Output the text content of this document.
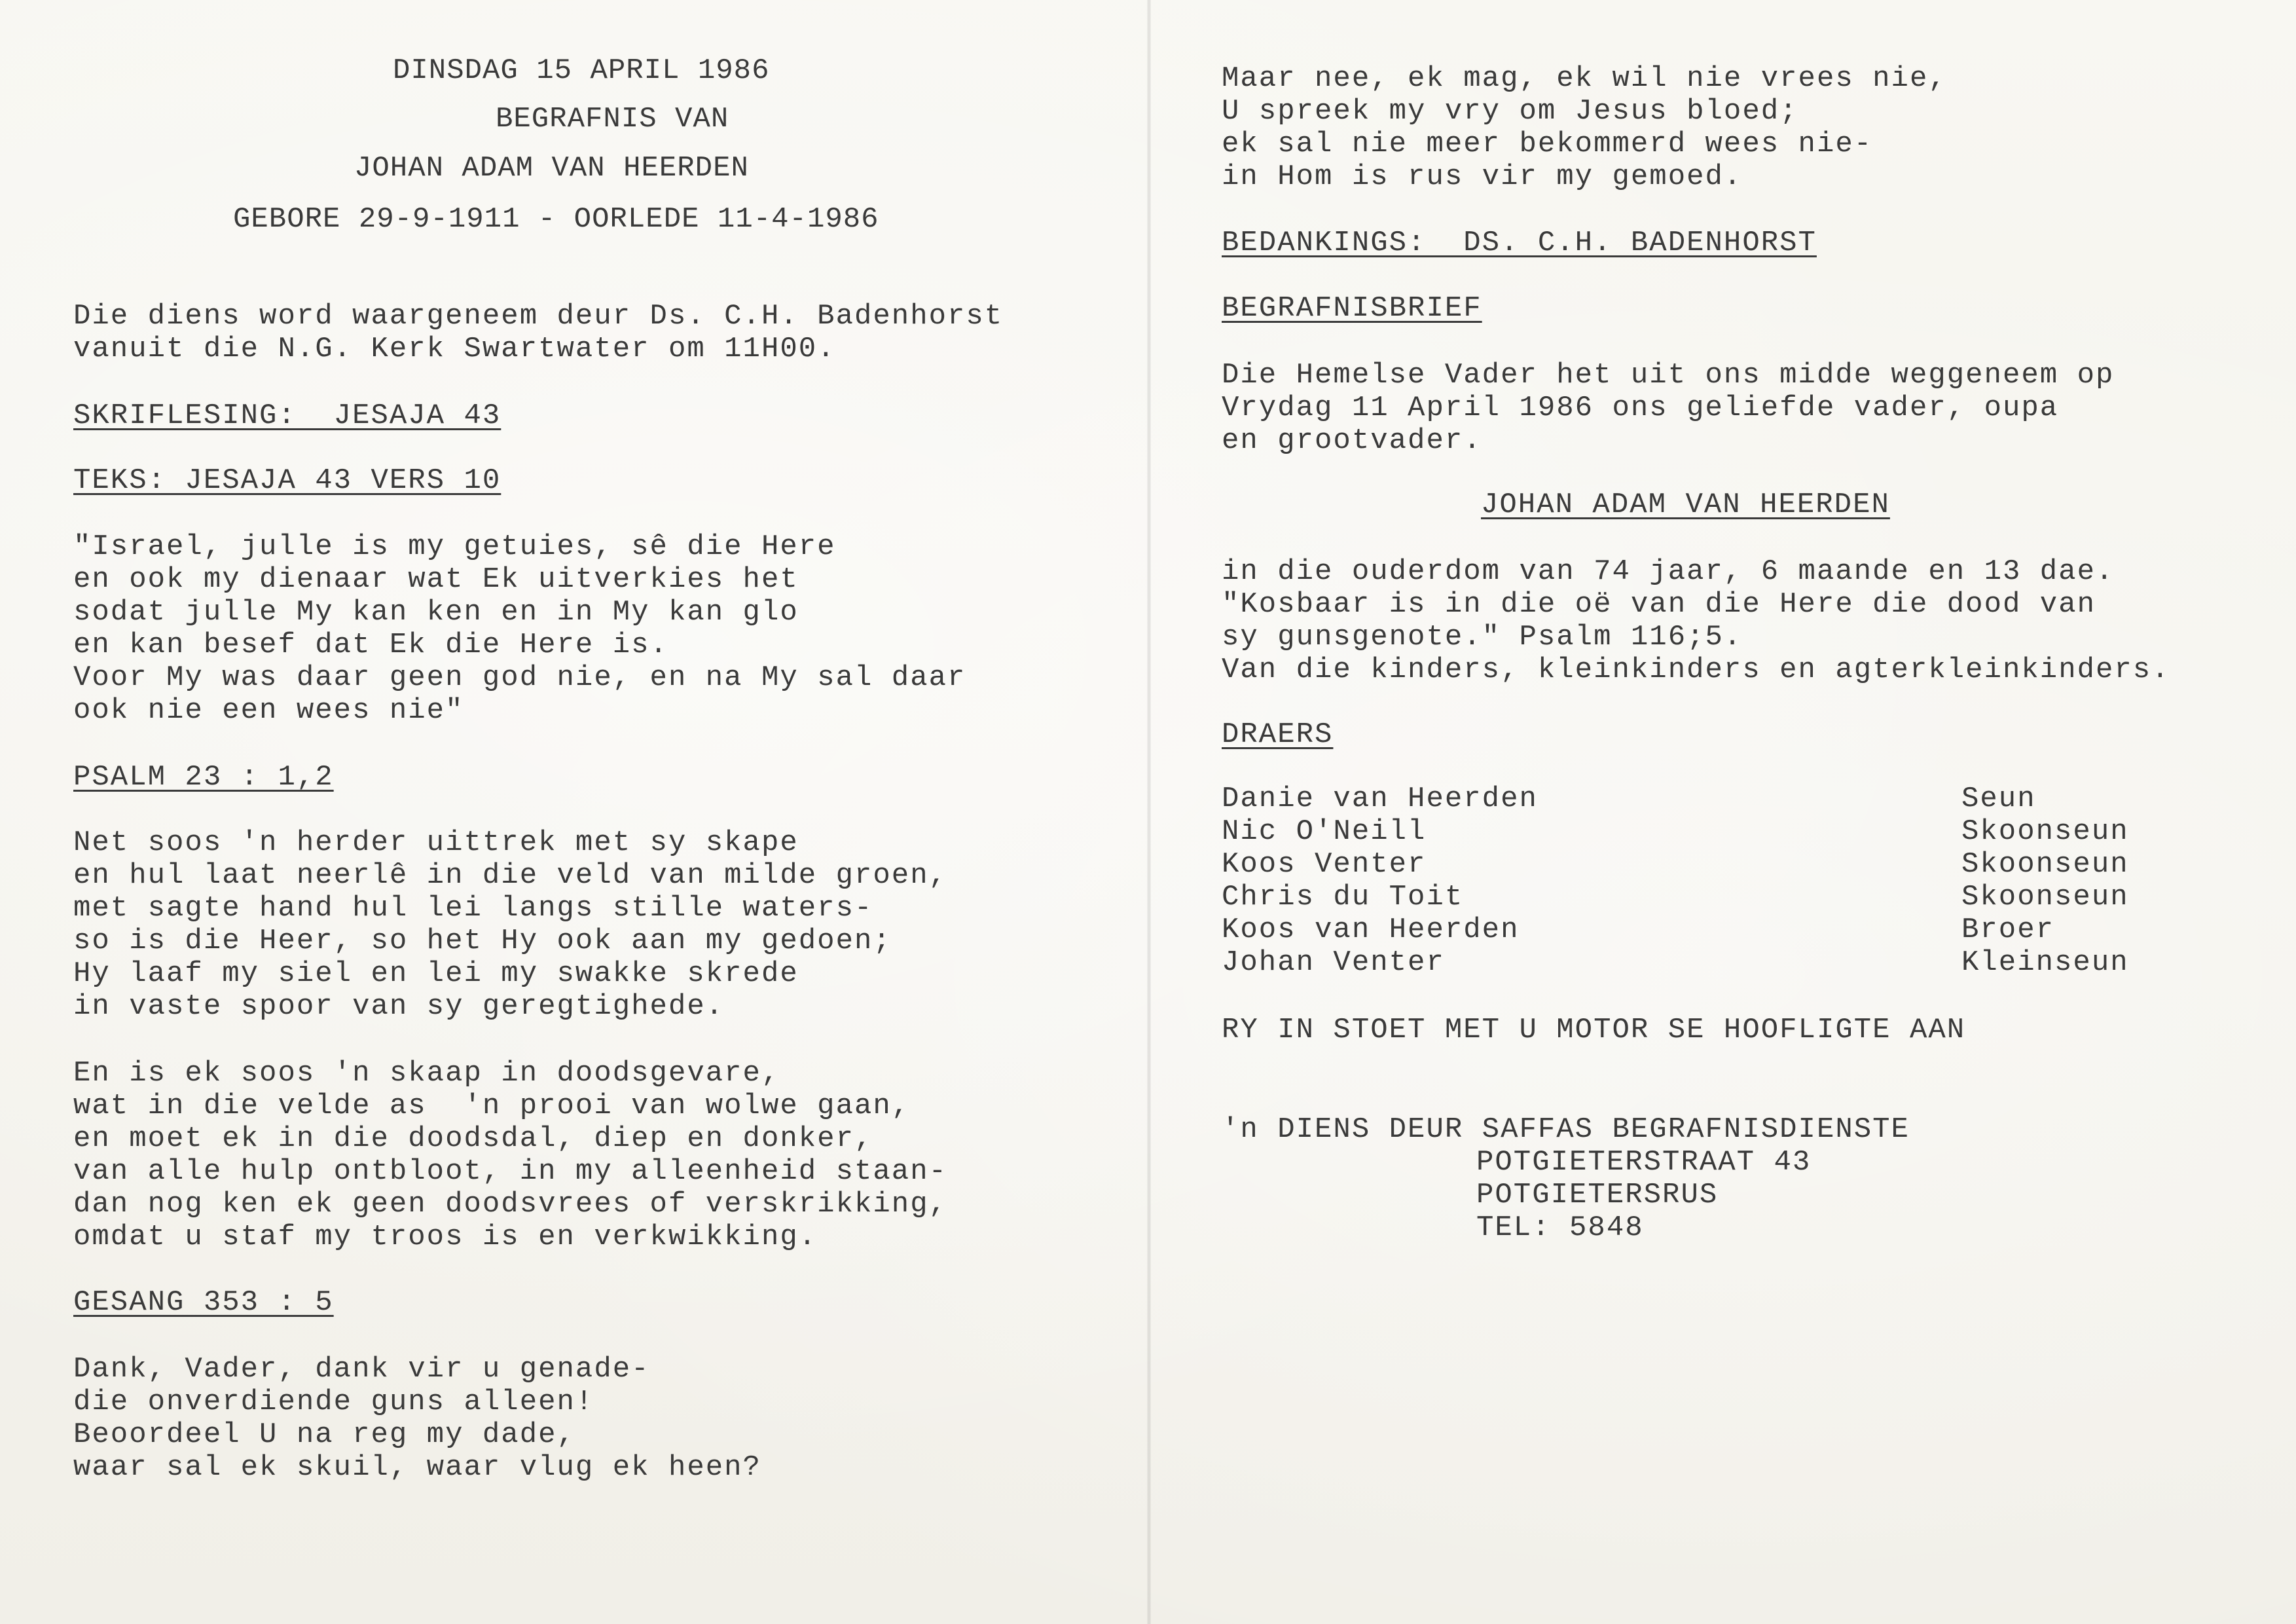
DINSDAG 15 APRIL 1986
BEGRAFNIS VAN
JOHAN ADAM VAN HEERDEN
GEBORE 29-9-1911 - OORLEDE 11-4-1986
Die diens word waargeneem deur Ds. C.H. Badenhorst
vanuit die N.G. Kerk Swartwater om 11H00.
SKRIFLESING:  JESAJA 43
TEKS: JESAJA 43 VERS 10
"Israel, julle is my getuies, sê die Here
en ook my dienaar wat Ek uitverkies het
sodat julle My kan ken en in My kan glo
en kan besef dat Ek die Here is.
Voor My was daar geen god nie, en na My sal daar
ook nie een wees nie"
PSALM 23 : 1,2
Net soos 'n herder uittrek met sy skape
en hul laat neerlê in die veld van milde groen,
met sagte hand hul lei langs stille waters-
so is die Heer, so het Hy ook aan my gedoen;
Hy laaf my siel en lei my swakke skrede
in vaste spoor van sy geregtighede.
En is ek soos 'n skaap in doodsgevare,
wat in die velde as  'n prooi van wolwe gaan,
en moet ek in die doodsdal, diep en donker,
van alle hulp ontbloot, in my alleenheid staan-
dan nog ken ek geen doodsvrees of verskrikking,
omdat u staf my troos is en verkwikking.
GESANG 353 : 5
Dank, Vader, dank vir u genade-
die onverdiende guns alleen!
Beoordeel U na reg my dade,
waar sal ek skuil, waar vlug ek heen?
Maar nee, ek mag, ek wil nie vrees nie,
U spreek my vry om Jesus bloed;
ek sal nie meer bekommerd wees nie-
in Hom is rus vir my gemoed.
BEDANKINGS:  DS. C.H. BADENHORST
BEGRAFNISBRIEF
Die Hemelse Vader het uit ons midde weggeneem op
Vrydag 11 April 1986 ons geliefde vader, oupa
en grootvader.
JOHAN ADAM VAN HEERDEN
in die ouderdom van 74 jaar, 6 maande en 13 dae.
"Kosbaar is in die oë van die Here die dood van
sy gunsgenote." Psalm 116;5.
Van die kinders, kleinkinders en agterkleinkinders.
DRAERS
Danie van Heerden	Seun
Nic O'Neill	Skoonseun
Koos Venter	Skoonseun
Chris du Toit	Skoonseun
Koos van Heerden	Broer
Johan Venter	Kleinseun
RY IN STOET MET U MOTOR SE HOOFLIGTE AAN
'n DIENS DEUR SAFFAS BEGRAFNISDIENSTE
POTGIETERSTRAAT 43
POTGIETERSRUS
TEL: 5848
